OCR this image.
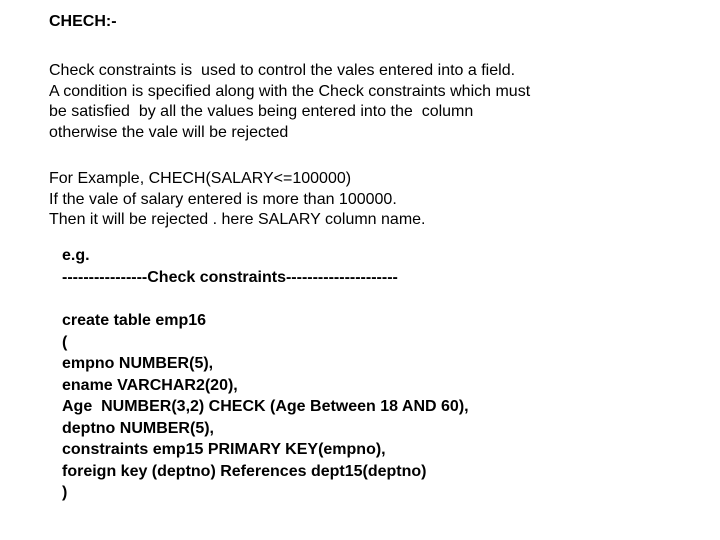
CHECH:-
Check constraints is  used to control the vales entered into a field.
A condition is specified along with the Check constraints which must
be satisfied  by all the values being entered into the  column
otherwise the vale will be rejected
For Example, CHECH(SALARY<=100000)
If the vale of salary entered is more than 100000.
Then it will be rejected . here SALARY column name.
e.g.
----------------Check constraints---------------------
create table emp16
(
empno NUMBER(5),
ename VARCHAR2(20),
Age  NUMBER(3,2) CHECK (Age Between 18 AND 60),
deptno NUMBER(5),
constraints emp15 PRIMARY KEY(empno),
foreign key (deptno) References dept15(deptno)
)
